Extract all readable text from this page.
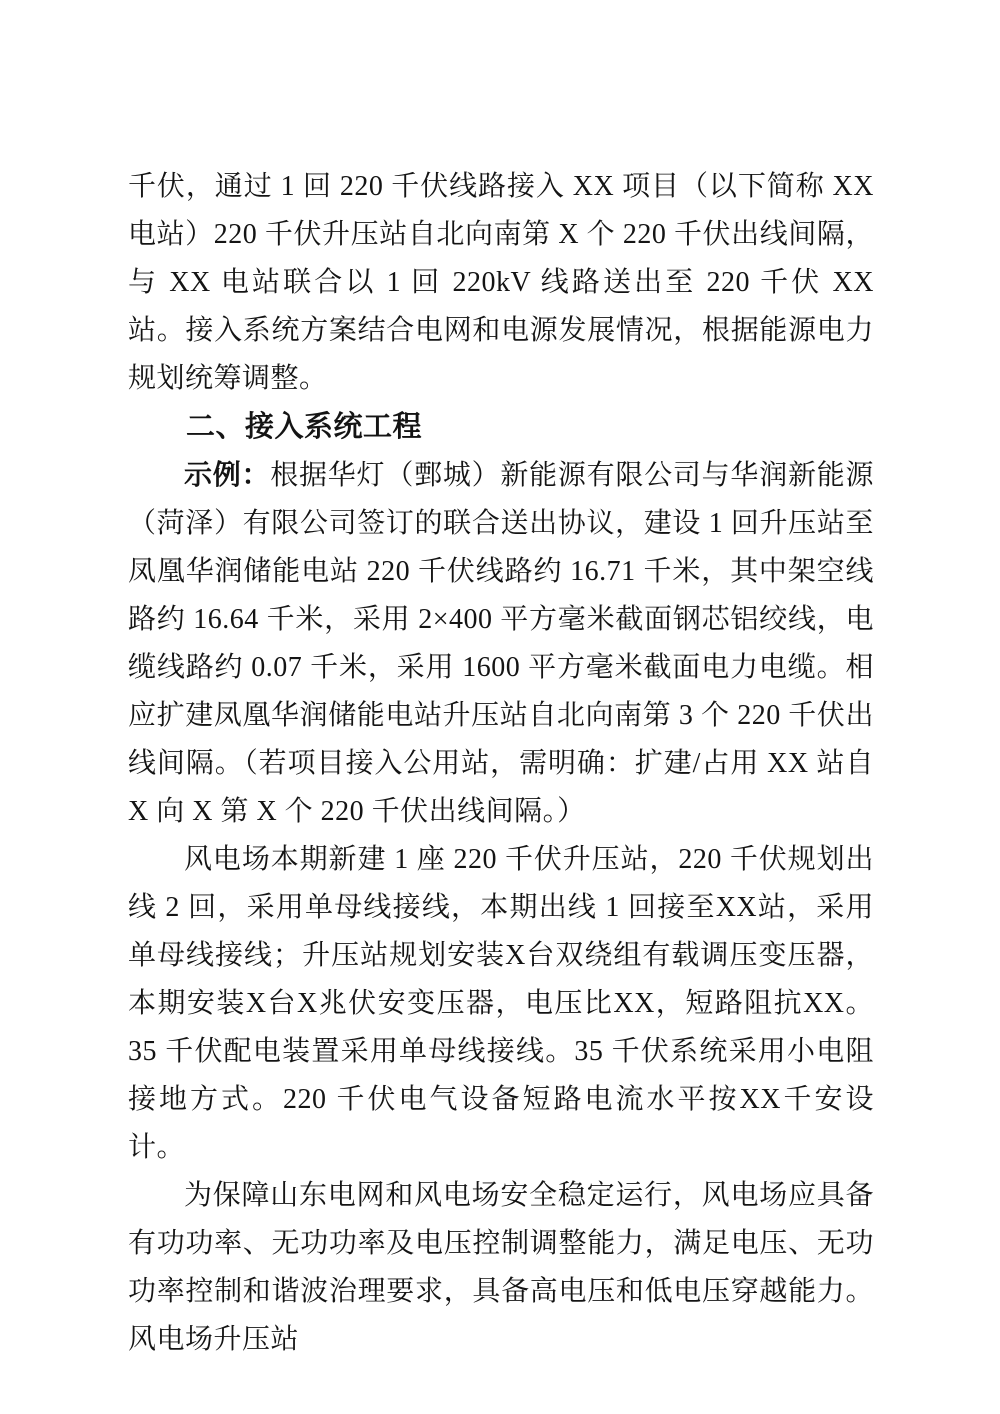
千伏，通过 1 回 220 千伏线路接入 XX 项目（以下简称 XX 电站）220 千伏升压站自北向南第 X 个 220 千伏出线间隔，与 XX 电站联合以 1 回 220kV 线路送出至 220 千伏 XX 站。接入系统方案结合电网和电源发展情况，根据能源电力规划统筹调整。

二、接入系统工程

示例：根据华灯（鄄城）新能源有限公司与华润新能源（菏泽）有限公司签订的联合送出协议，建设 1 回升压站至凤凰华润储能电站 220 千伏线路约 16.71 千米，其中架空线路约 16.64 千米，采用 2×400 平方毫米截面钢芯铝绞线，电缆线路约 0.07 千米，采用 1600 平方毫米截面电力电缆。相应扩建凤凰华润储能电站升压站自北向南第 3 个 220 千伏出线间隔。（若项目接入公用站，需明确：扩建/占用 XX 站自 X 向 X 第 X 个 220 千伏出线间隔。）

风电场本期新建 1 座 220 千伏升压站，220 千伏规划出线 2 回，采用单母线接线，本期出线 1 回接至XX站，采用单母线接线；升压站规划安装X台双绕组有载调压变压器，本期安装X台X兆伏安变压器，电压比XX，短路阻抗XX。35 千伏配电装置采用单母线接线。35 千伏系统采用小电阻接地方式。220 千伏电气设备短路电流水平按XX千安设计。

为保障山东电网和风电场安全稳定运行，风电场应具备有功功率、无功功率及电压控制调整能力，满足电压、无功功率控制和谐波治理要求，具备高电压和低电压穿越能力。风电场升压站
